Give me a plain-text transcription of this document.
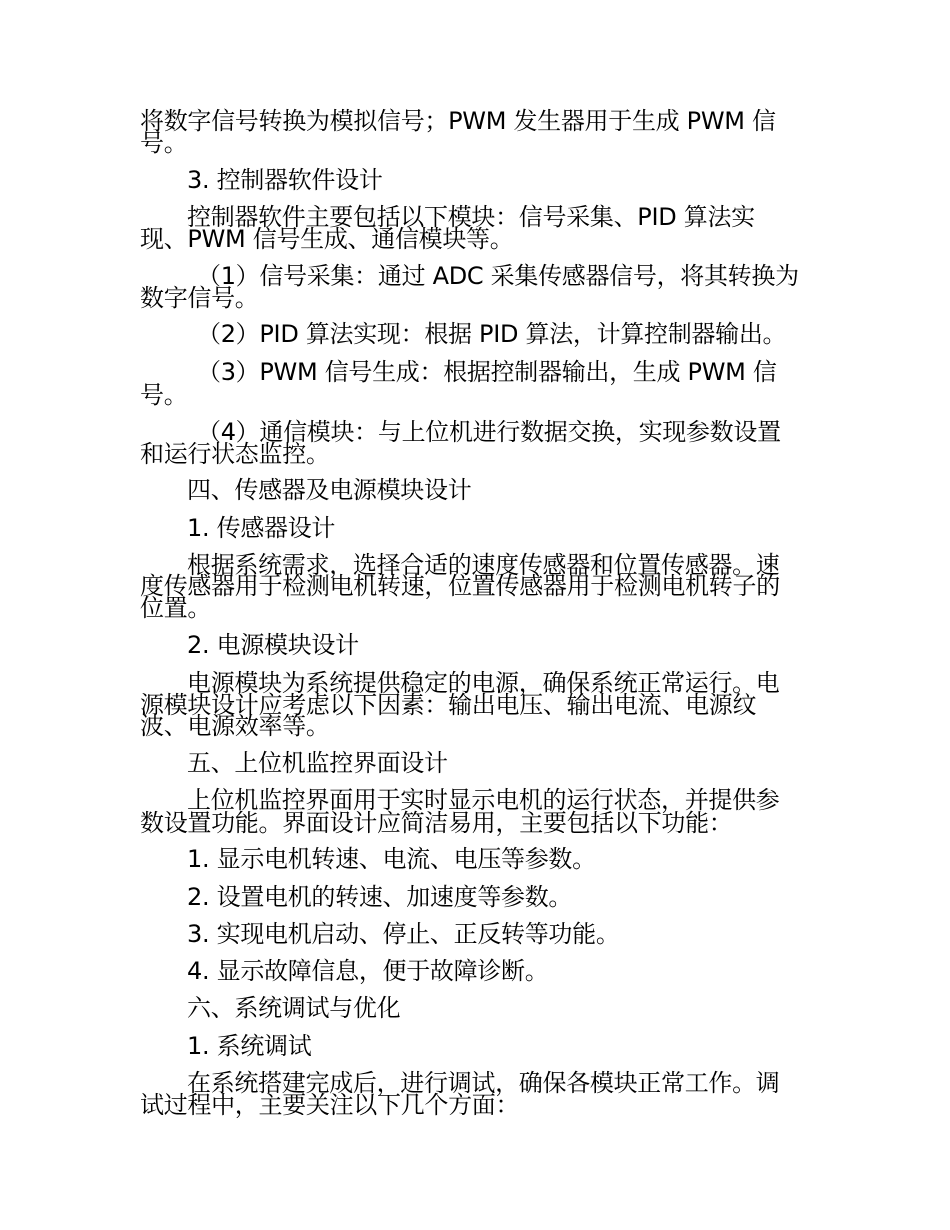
将数字信号转换为模拟信号；PWM 发生器用于生成 PWM 信
号。
3. 控制器软件设计
控制器软件主要包括以下模块：信号采集、PID 算法实
现、PWM 信号生成、通信模块等。
（1）信号采集：通过 ADC 采集传感器信号，将其转换为
数字信号。
（2）PID 算法实现：根据 PID 算法，计算控制器输出。
（3）PWM 信号生成：根据控制器输出，生成 PWM 信
号。
（4）通信模块：与上位机进行数据交换，实现参数设置
和运行状态监控。
四、传感器及电源模块设计
1. 传感器设计
根据系统需求，选择合适的速度传感器和位置传感器。速
度传感器用于检测电机转速，位置传感器用于检测电机转子的
位置。
2. 电源模块设计
电源模块为系统提供稳定的电源，确保系统正常运行。电
源模块设计应考虑以下因素：输出电压、输出电流、电源纹
波、电源效率等。
五、上位机监控界面设计
上位机监控界面用于实时显示电机的运行状态，并提供参
数设置功能。界面设计应简洁易用，主要包括以下功能：
1. 显示电机转速、电流、电压等参数。
2. 设置电机的转速、加速度等参数。
3. 实现电机启动、停止、正反转等功能。
4. 显示故障信息，便于故障诊断。
六、系统调试与优化
1. 系统调试
在系统搭建完成后，进行调试，确保各模块正常工作。调
试过程中，主要关注以下几个方面：
